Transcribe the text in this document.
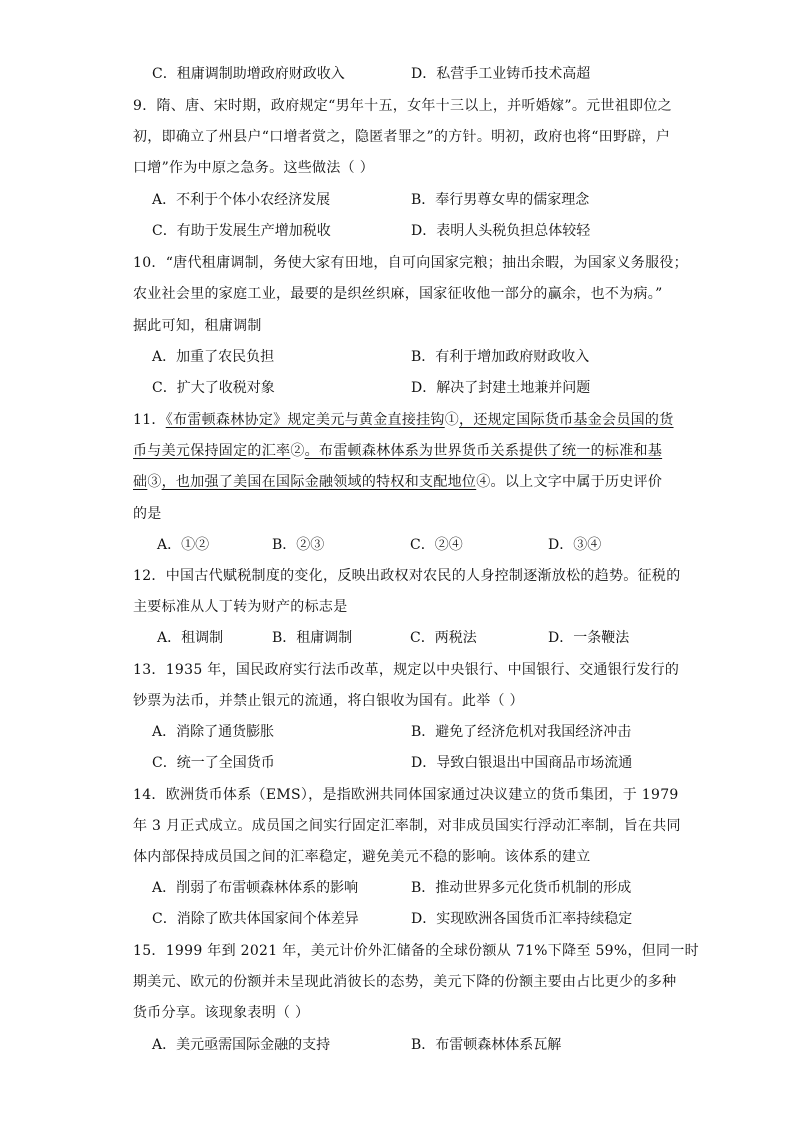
C．租庸调制助增政府财政收入	D．私营手工业铸币技术高超
9．隋、唐、宋时期，政府规定“男年十五，女年十三以上，并听婚嫁”。元世祖即位之
初，即确立了州县户“口增者赏之，隐匿者罪之”的方针。明初，政府也将“田野辟，户
口增”作为中原之急务。这些做法（ ）
A．不利于个体小农经济发展	B．奉行男尊女卑的儒家理念
C．有助于发展生产增加税收	D．表明人头税负担总体较轻
10．“唐代租庸调制，务使大家有田地，自可向国家完粮；抽出余暇，为国家义务服役；
农业社会里的家庭工业，最要的是织丝织麻，国家征收他一部分的赢余，也不为病。”
据此可知，租庸调制
A．加重了农民负担	B．有利于增加政府财政收入
C．扩大了收税对象	D．解决了封建土地兼并问题
11．《布雷顿森林协定》规定美元与黄金直接挂钩①，还规定国际货币基金会员国的货
币与美元保持固定的汇率②。布雷顿森林体系为世界货币关系提供了统一的标准和基
础③，也加强了美国在国际金融领域的特权和支配地位④。以上文字中属于历史评价
的是
A．①②	B．②③	C．②④	D．③④
12．中国古代赋税制度的变化，反映出政权对农民的人身控制逐渐放松的趋势。征税的
主要标准从人丁转为财产的标志是
A．租调制	B．租庸调制	C．两税法	D．一条鞭法
13．1935 年，国民政府实行法币改革，规定以中央银行、中国银行、交通银行发行的
钞票为法币，并禁止银元的流通，将白银收为国有。此举（ ）
A．消除了通货膨胀	B．避免了经济危机对我国经济冲击
C．统一了全国货币	D．导致白银退出中国商品市场流通
14．欧洲货币体系（EMS），是指欧洲共同体国家通过决议建立的货币集团，于 1979
年 3 月正式成立。成员国之间实行固定汇率制，对非成员国实行浮动汇率制，旨在共同
体内部保持成员国之间的汇率稳定，避免美元不稳的影响。该体系的建立
A．削弱了布雷顿森林体系的影响	B．推动世界多元化货币机制的形成
C．消除了欧共体国家间个体差异	D．实现欧洲各国货币汇率持续稳定
15．1999 年到 2021 年，美元计价外汇储备的全球份额从 71%下降至 59%，但同一时
期美元、欧元的份额并未呈现此消彼长的态势，美元下降的份额主要由占比更少的多种
货币分享。该现象表明（ ）
A．美元亟需国际金融的支持	B．布雷顿森林体系瓦解
